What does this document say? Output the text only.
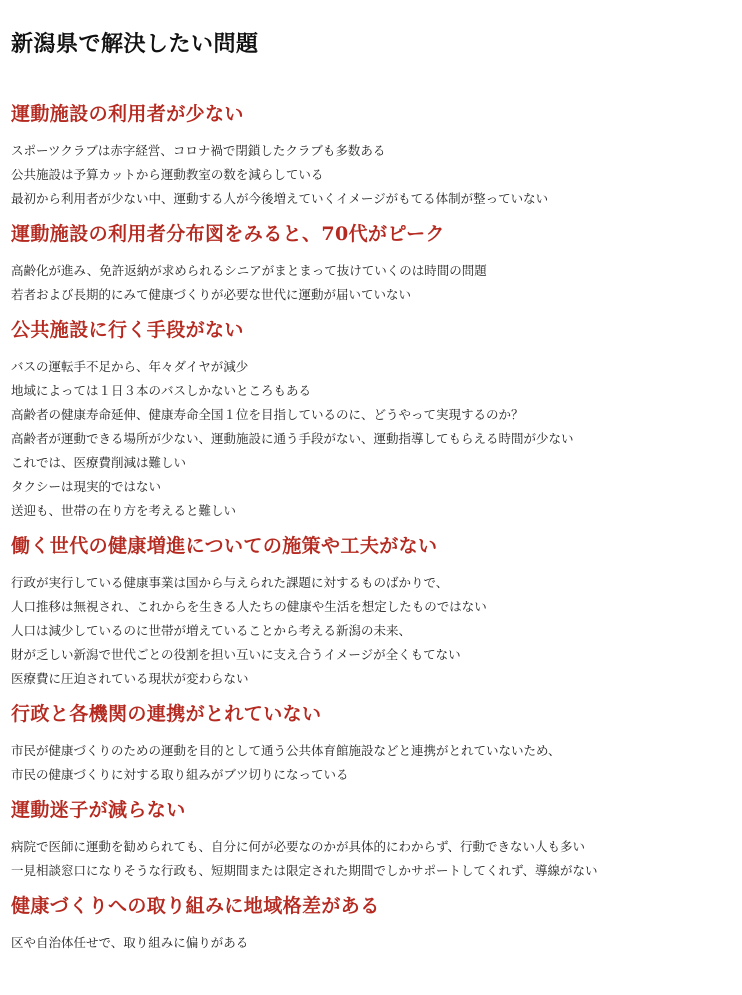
新潟県で解決したい問題
運動施設の利用者が少ない
スポーツクラブは赤字経営、コロナ禍で閉鎖したクラブも多数ある
公共施設は予算カットから運動教室の数を減らしている
最初から利用者が少ない中、運動する人が今後増えていくイメージがもてる体制が整っていない
運動施設の利用者分布図をみると、70代がピーク
高齢化が進み、免許返納が求められるシニアがまとまって抜けていくのは時間の問題
若者および長期的にみて健康づくりが必要な世代に運動が届いていない
公共施設に行く手段がない
バスの運転手不足から、年々ダイヤが減少
地域によっては１日３本のバスしかないところもある
高齢者の健康寿命延伸、健康寿命全国１位を目指しているのに、どうやって実現するのか？
高齢者が運動できる場所が少ない、運動施設に通う手段がない、運動指導してもらえる時間が少ない
これでは、医療費削減は難しい
タクシーは現実的ではない
送迎も、世帯の在り方を考えると難しい
働く世代の健康増進についての施策や工夫がない
行政が実行している健康事業は国から与えられた課題に対するものばかりで、
人口推移は無視され、これからを生きる人たちの健康や生活を想定したものではない
人口は減少しているのに世帯が増えていることから考える新潟の未来、
財が乏しい新潟で世代ごとの役割を担い互いに支え合うイメージが全くもてない
医療費に圧迫されている現状が変わらない
行政と各機関の連携がとれていない
市民が健康づくりのための運動を目的として通う公共体育館施設などと連携がとれていないため、
市民の健康づくりに対する取り組みがブツ切りになっている
運動迷子が減らない
病院で医師に運動を勧められても、自分に何が必要なのかが具体的にわからず、行動できない人も多い
一見相談窓口になりそうな行政も、短期間または限定された期間でしかサポートしてくれず、導線がない
健康づくりへの取り組みに地域格差がある
区や自治体任せで、取り組みに偏りがある
